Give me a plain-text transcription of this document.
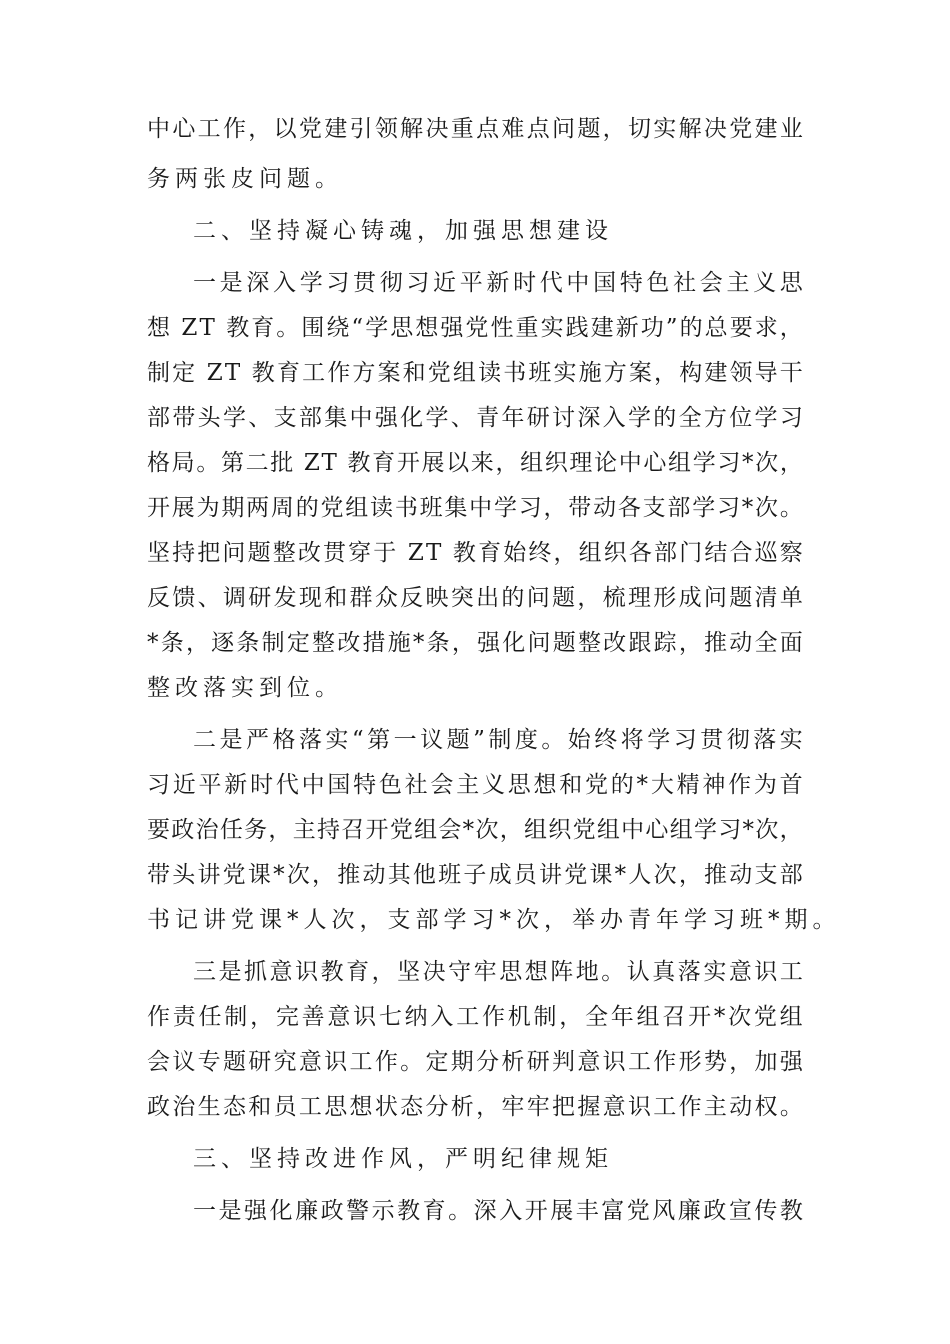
中 心 工 作 ， 以 党 建 引 领 解 决 重 点 难 点 问 题 ， 切 实 解 决 党 建 业
务两张皮问题。
二、坚持凝心铸魂，加强思想建设
一 是 深 入 学 习 贯 彻 习 近 平 新 时 代 中 国 特 色 社 会 主 义 思
想
Z T
教 育 。 围 绕 “ 学 思 想 强 党 性 重 实 践 建 新 功 ” 的 总 要 求 ，
制 定
Z T
教 育 工 作 方 案 和 党 组 读 书 班 实 施 方 案 ， 构 建 领 导 干
部 带 头 学 、 支 部 集 中 强 化 学 、 青 年 研 讨 深 入 学 的 全 方 位 学 习
格 局 。 第 二 批
Z T
教 育 开 展 以 来 ， 组 织 理 论 中 心 组 学 习 * 次 ，
开 展 为 期 两 周 的 党 组 读 书 班 集 中 学 习 ， 带 动 各 支 部 学 习 * 次 。
坚 持 把 问 题 整 改 贯 穿 于
Z T
教 育 始 终 ， 组 织 各 部 门 结 合 巡 察
反 馈 、 调 研 发 现 和 群 众 反 映 突 出 的 问 题 ， 梳 理 形 成 问 题 清 单
* 条 ， 逐 条 制 定 整 改 措 施 * 条 ， 强 化 问 题 整 改 跟 踪 ， 推 动 全 面
整改落实到位。
二 是 严 格 落 实 “ 第 一 议 题 ” 制 度 。 始 终 将 学 习 贯 彻 落 实
习 近 平 新 时 代 中 国 特 色 社 会 主 义 思 想 和 党 的 * 大 精 神 作 为 首
要 政 治 任 务 ， 主 持 召 开 党 组 会 * 次 ， 组 织 党 组 中 心 组 学 习 * 次 ，
带 头 讲 党 课 * 次 ， 推 动 其 他 班 子 成 员 讲 党 课 * 人 次 ， 推 动 支 部
书记讲党课*人次，支部学习*次，举办青年学习班*期。
三 是 抓 意 识 教 育 ， 坚 决 守 牢 思 想 阵 地 。 认 真 落 实 意 识 工
作 责 任 制 ， 完 善 意 识 七 纳 入 工 作 机 制 ， 全 年 组 召 开 * 次 党 组
会 议 专 题 研 究 意 识 工 作 。 定 期 分 析 研 判 意 识 工 作 形 势 ， 加 强
政 治 生 态 和 员 工 思 想 状 态 分 析 ， 牢 牢 把 握 意 识 工 作 主 动 权 。
三、坚持改进作风，严明纪律规矩
一 是 强 化 廉 政 警 示 教 育 。 深 入 开 展 丰 富 党 风 廉 政 宣 传 教
